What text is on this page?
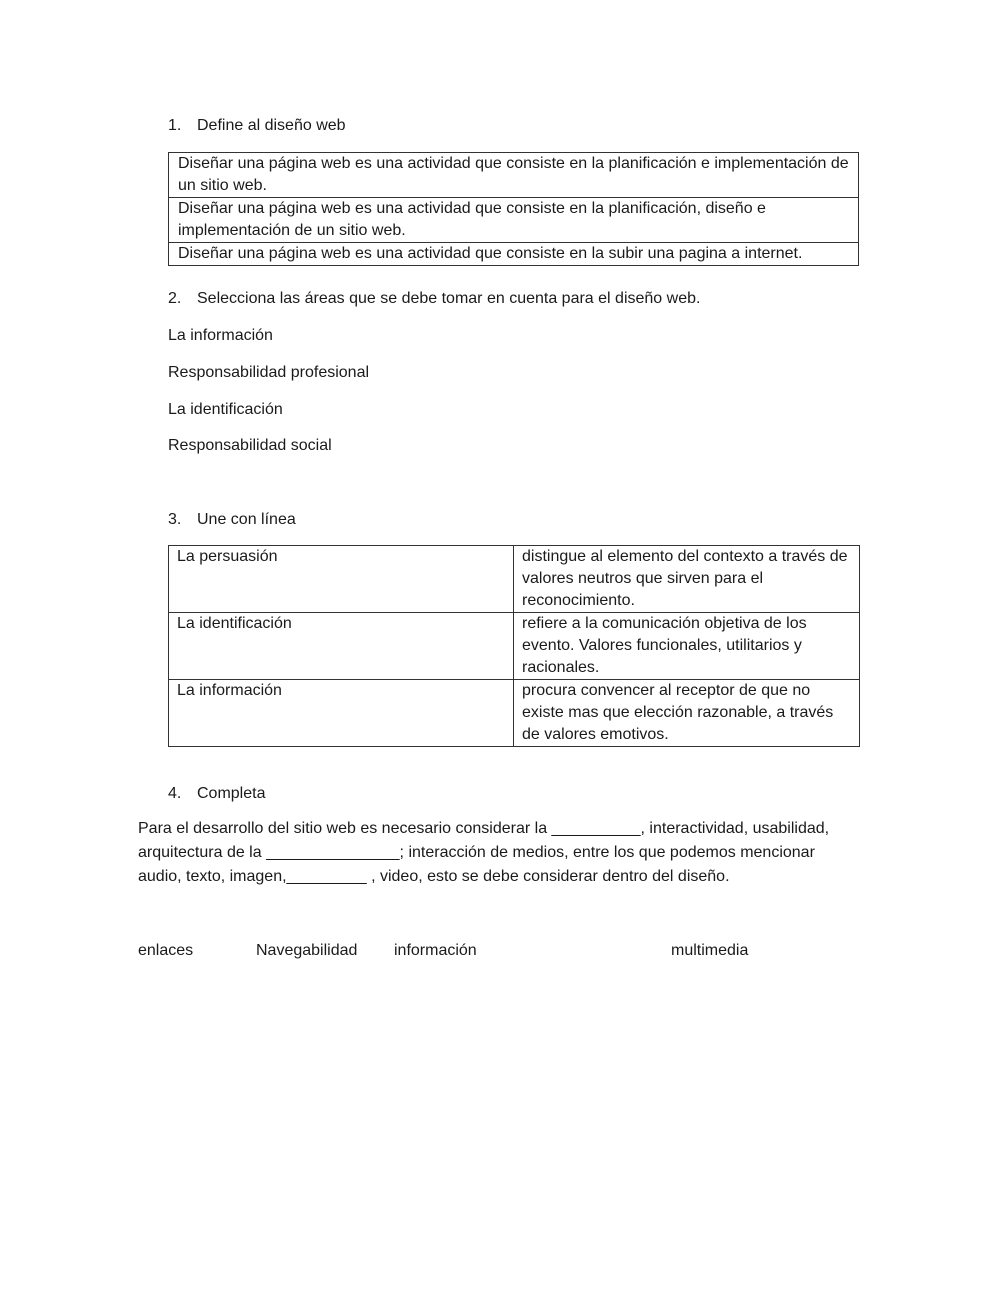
1. Define al diseño web
Diseñar una página web es una actividad que consiste en la planificación e implementación de un sitio web.
Diseñar una página web es una actividad que consiste en la planificación, diseño e implementación de un sitio web.
Diseñar una página web es una actividad que consiste en la subir una pagina a internet.
2. Selecciona las áreas que se debe tomar en cuenta para el diseño web.
La información
Responsabilidad profesional
La identificación
Responsabilidad social
3. Une con línea
La persuasión	distingue al elemento del contexto a través de valores neutros que sirven para el reconocimiento.
La identificación	refiere a la comunicación objetiva de los evento. Valores funcionales, utilitarios y racionales.
La información	procura convencer al receptor de que no existe mas que elección razonable, a través de valores emotivos.
4. Completa
Para el desarrollo del sitio web es necesario considerar la __________, interactividad, usabilidad, arquitectura de la _______________; interacción de medios, entre los que podemos mencionar audio, texto, imagen,_________ , video, esto se debe considerar dentro del diseño.
enlaces	Navegabilidad información	multimedia
